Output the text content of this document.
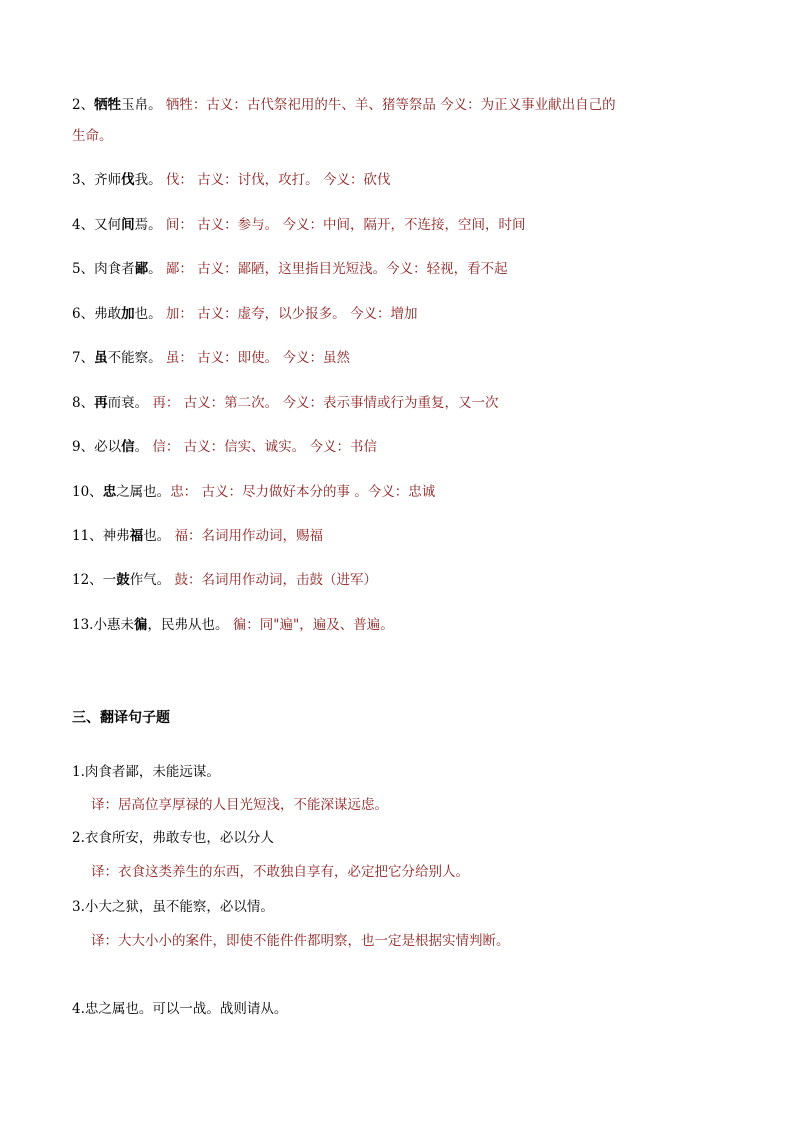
2、牺牲玉帛。 牺牲：古义：古代祭祀用的牛、羊、猪等祭品 今义：为正义事业献出自己的
生命。
3、齐师伐我。 伐： 古义：讨伐，攻打。 今义：砍伐
4、又何间焉。 间： 古义：参与。 今义：中间，隔开，不连接，空间，时间
5、肉食者鄙。 鄙： 古义：鄙陋，这里指目光短浅。今义：轻视，看不起
6、弗敢加也。 加： 古义：虚夸，以少报多。 今义：增加
7、虽不能察。 虽： 古义：即使。 今义：虽然
8、再而衰。 再： 古义：第二次。 今义：表示事情或行为重复，又一次
9、必以信。 信： 古义：信实、诚实。 今义：书信
10、忠之属也。忠： 古义：尽力做好本分的事 。今义：忠诚
11、神弗福也。 福：名词用作动词，赐福
12、一鼓作气。 鼓：名词用作动词，击鼓（进军）
13.小惠未徧，民弗从也。 徧：同"遍"，遍及、普遍。
三、翻译句子题
1.肉食者鄙，未能远谋。
译：居高位享厚禄的人目光短浅，不能深谋远虑。
2.衣食所安，弗敢专也，必以分人
译：衣食这类养生的东西，不敢独自享有，必定把它分给别人。
3.小大之狱，虽不能察，必以情。
译：大大小小的案件，即使不能件件都明察，也一定是根据实情判断。
4.忠之属也。可以一战。战则请从。
